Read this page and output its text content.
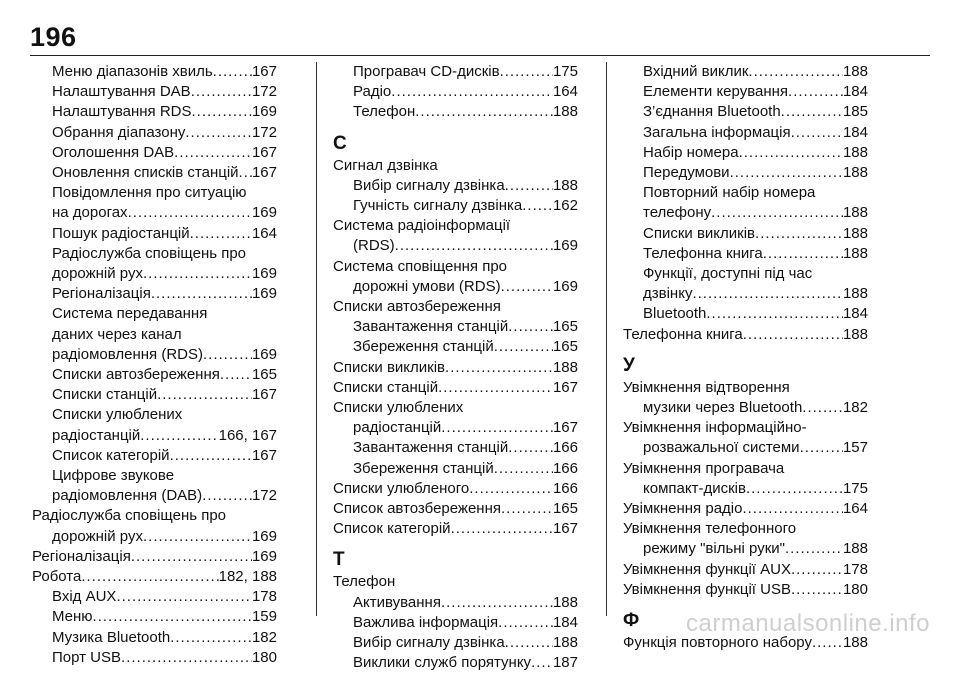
196
Меню діапазонів хвиль .....	167
Налаштування DAB .....	172
Налаштування RDS .....	169
Обрання діапазону .....	172
Оголошення DAB .....	167
Оновлення списків станцій ..... 167
Повідомлення про ситуацію
на дорогах .....	169
Пошук радіостанцій .....	164
Радіослужба сповіщень про
дорожній рух .....	169
Регіоналізація .....	169
Система передавання
даних через канал
радіомовлення (RDS) .....	169
Списки автозбереження ..... 165
Списки станцій .....	167
Списки улюблених
радіостанцій .....	166, 167
Список категорій .....	167
Цифрове звукове
радіомовлення (DAB) .....	172
Радіослужба сповіщень про
дорожній рух .....	169
Регіоналізація .....	169
Робота .....	182, 188
Вхід AUX .....	178
Меню .....	159
Музика Bluetooth .....	182
Порт USB .....	180
Програвач CD-дисків .....	175
Радіо .....	164
Телефон .....	188
С
Сигнал дзвінка
Вибір сигналу дзвінка .....	188
Гучність сигналу дзвінка ..... 162
Система радіоінформації
(RDS) .....	169
Система сповіщення про
дорожні умови (RDS) .....	169
Списки автозбереження
Завантаження станцій .....	165
Збереження станцій .....	165
Списки викликів .....	188
Списки станцій .....	167
Списки улюблених
радіостанцій .....	167
Завантаження станцій .....	166
Збереження станцій .....	166
Списки улюбленого .....	166
Список автозбереження .....	165
Список категорій .....	167
Т
Телефон
Активування .....	188
Важлива інформація .....	184
Вибір сигналу дзвінка .....	188
Виклики служб порятунку ..... 187
Вхідний виклик .....	188
Елементи керування .....	184
З’єднання Bluetooth .....	185
Загальна інформація .....	184
Набір номера .....	188
Передумови .....	188
Повторний набір номера
телефону .....	188
Списки викликів .....	188
Телефонна книга .....	188
Функції, доступні під час
дзвінку .....	188
Bluetooth .....	184
Телефонна книга .....	188
У
Увімкнення відтворення
музики через Bluetooth .....	182
Увімкнення інформаційно-
розважальної системи .....	157
Увімкнення програвача
компакт-дисків .....	175
Увімкнення радіо .....	164
Увімкнення телефонного
режиму "вільні руки" .....	188
Увімкнення функції AUX .....	178
Увімкнення функції USB .....	180
Ф
Функція повторного набору ..... 188
carmanualsonline.info
